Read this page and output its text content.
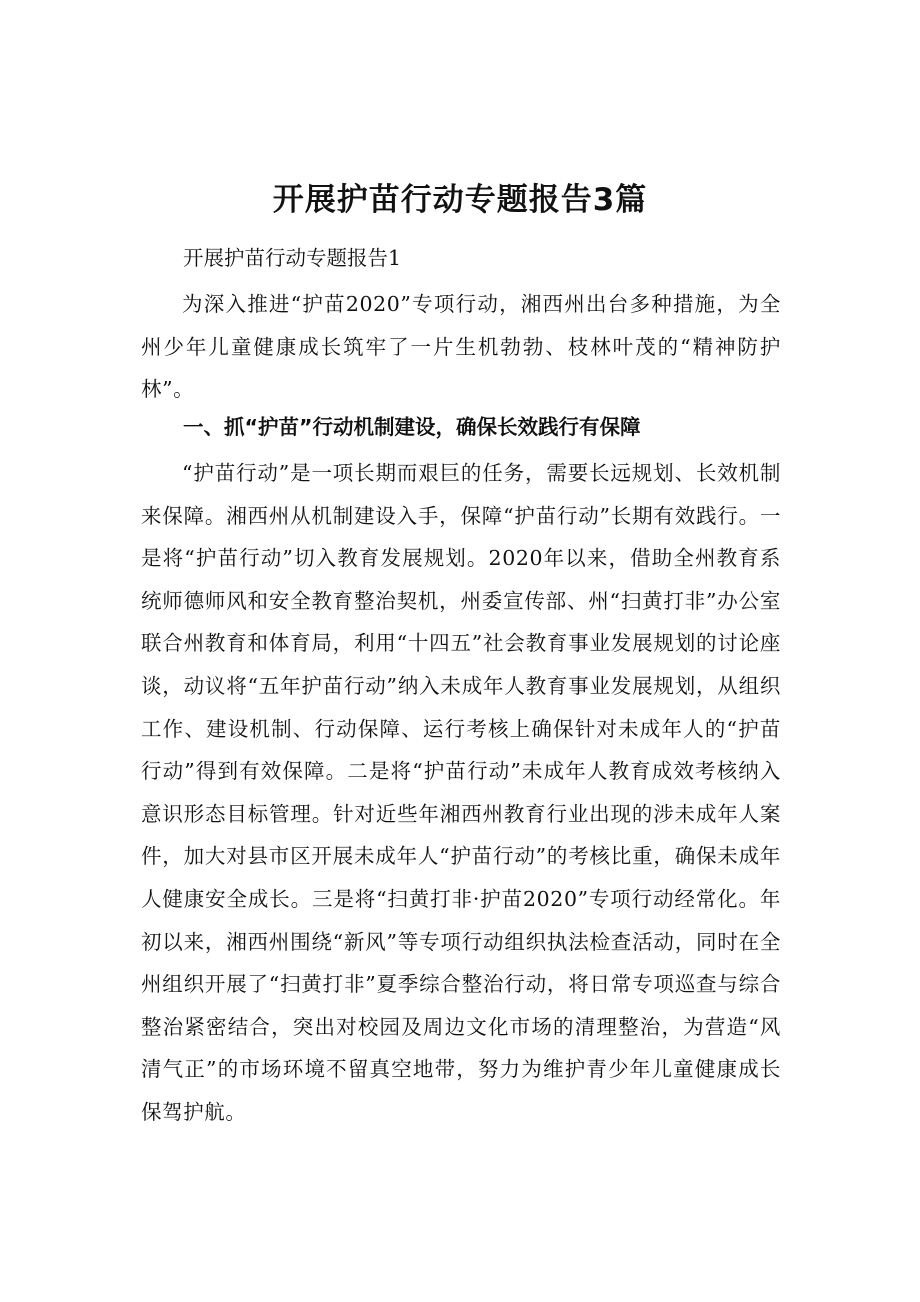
开展护苗行动专题报告3篇

开展护苗行动专题报告1

为深入推进“护苗2020”专项行动，湘西州出台多种措施，为全州少年儿童健康成长筑牢了一片生机勃勃、枝林叶茂的“精神防护林”。

一、抓“护苗”行动机制建设，确保长效践行有保障

“护苗行动”是一项长期而艰巨的任务，需要长远规划、长效机制来保障。湘西州从机制建设入手，保障“护苗行动”长期有效践行。一是将“护苗行动”切入教育发展规划。2020年以来，借助全州教育系统师德师风和安全教育整治契机，州委宣传部、州“扫黄打非”办公室联合州教育和体育局，利用“十四五”社会教育事业发展规划的讨论座谈，动议将“五年护苗行动”纳入未成年人教育事业发展规划，从组织工作、建设机制、行动保障、运行考核上确保针对未成年人的“护苗行动”得到有效保障。二是将“护苗行动”未成年人教育成效考核纳入意识形态目标管理。针对近些年湘西州教育行业出现的涉未成年人案件，加大对县市区开展未成年人“护苗行动”的考核比重，确保未成年人健康安全成长。三是将“扫黄打非·护苗2020”专项行动经常化。年初以来，湘西州围绕“新风”等专项行动组织执法检查活动，同时在全州组织开展了“扫黄打非”夏季综合整治行动，将日常专项巡查与综合整治紧密结合，突出对校园及周边文化市场的清理整治，为营造“风清气正”的市场环境不留真空地带，努力为维护青少年儿童健康成长保驾护航。
